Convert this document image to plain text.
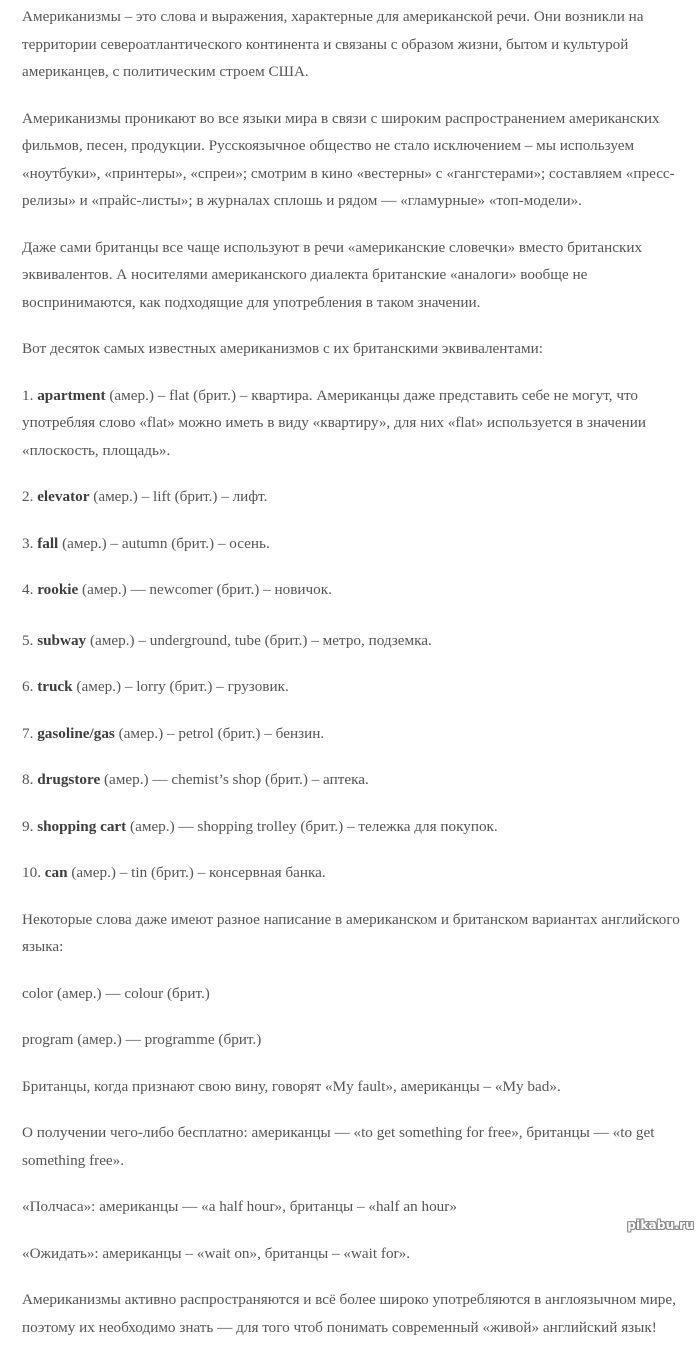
Американизмы – это слова и выражения, характерные для американской речи. Они возникли на территории североатлантического континента и связаны с образом жизни, бытом и культурой американцев, с политическим строем США.

Американизмы проникают во все языки мира в связи с широким распространением американских фильмов, песен, продукции. Русскоязычное общество не стало исключением – мы используем «ноутбуки», «принтеры», «спреи»; смотрим в кино «вестерны» с «гангстерами»; составляем «пресс-релизы» и «прайс-листы»; в журналах сплошь и рядом — «гламурные» «топ-модели».

Даже сами британцы все чаще используют в речи «американские словечки» вместо британских эквивалентов. А носителями американского диалекта британские «аналоги» вообще не воспринимаются, как подходящие для употребления в таком значении.

Вот десяток самых известных американизмов с их британскими эквивалентами:

1. apartment (амер.) – flat (брит.) – квартира. Американцы даже представить себе не могут, что употребляя слово «flat» можно иметь в виду «квартиру», для них «flat» используется в значении «плоскость, площадь».

2. elevator (амер.) – lift (брит.) – лифт.

3. fall (амер.) – autumn (брит.) – осень.

4. rookie (амер.) — newcomer (брит.) – новичок.

5. subway (амер.) – underground, tube (брит.) – метро, подземка.

6. truck (амер.) – lorry (брит.) – грузовик.

7. gasoline/gas (амер.) – petrol (брит.) – бензин.

8. drugstore (амер.) — chemist’s shop (брит.) – аптека.

9. shopping cart (амер.) — shopping trolley (брит.) – тележка для покупок.

10. can (амер.) – tin (брит.) – консервная банка.

Некоторые слова даже имеют разное написание в американском и британском вариантах английского языка:

color (амер.) — colour (брит.)

program (амер.) — programme (брит.)

Британцы, когда признают свою вину, говорят «My fault», американцы – «My bad».

О получении чего-либо бесплатно: американцы — «to get something for free», британцы — «to get something free».

«Полчаса»: американцы — «a half hour», британцы – «half an hour»

«Ожидать»: американцы – «wait on», британцы – «wait for».

Американизмы активно распространяются и всё более широко употребляются в англоязычном мире, поэтому их необходимо знать — для того чтоб понимать современный «живой» английский язык!

pikabu.ru
